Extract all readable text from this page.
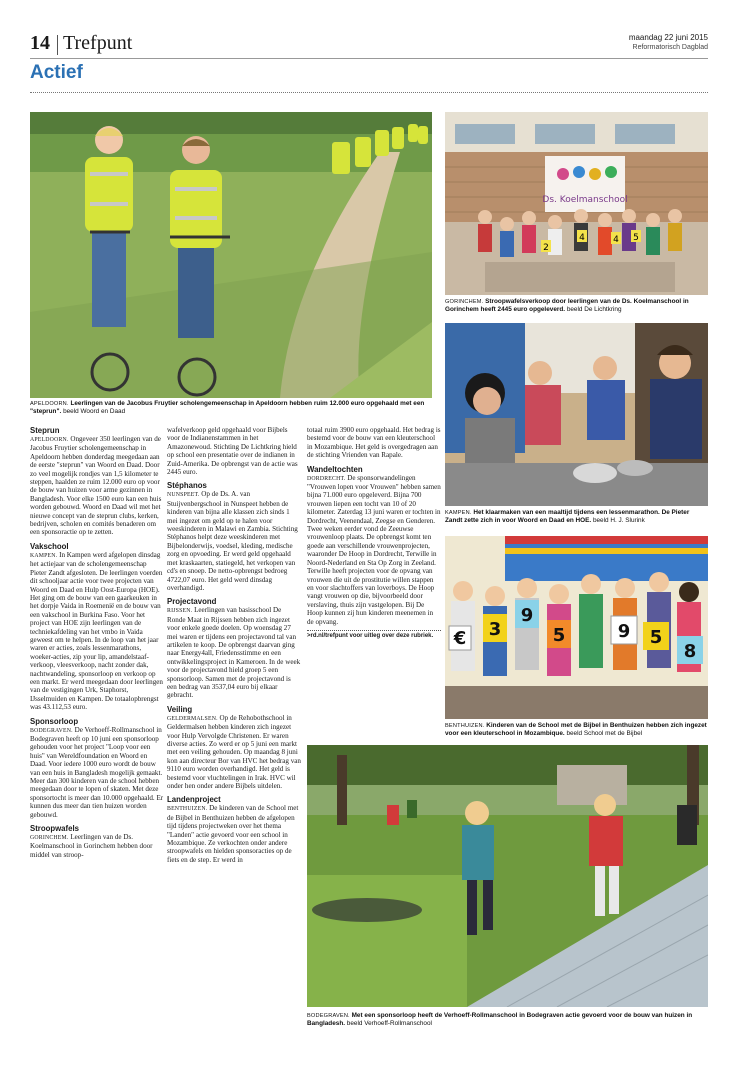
14 Trefpunt	maandag 22 juni 2015
Reformatorisch Dagblad
Actief
APELDOORN. Leerlingen van de Jacobus Fruytier scholengemeenschap in Apeldoorn hebben ruim 12.000 euro opgehaald met een "steprun". beeld Woord en Daad
Ds. Koelmanschool
2
4	4 5
GORINCHEM. Stroopwafelsverkoop door leerlingen van de Ds. Koelmanschool in Gorinchem heeft 2445 euro opgeleverd. beeld De Lichtkring
KAMPEN. Het klaarmaken van een maaltijd tijdens een lessenmarathon. De Pieter Zandt zette zich in voor Woord en Daad en HOE. beeld H. J. Slurink
€ 3
9
5	9 5
8
BENTHUIZEN. Kinderen van de School met de Bijbel in Benthuizen hebben zich ingezet voor een kleuterschool in Mozambique. beeld School met de Bijbel
BODEGRAVEN. Met een sponsorloop heeft de Verhoeff-Rollmanschool in Bodegraven actie gevoerd voor de bouw van huizen in Bangladesh. beeld Verhoeff-Rollmanschool
Steprun

APELDOORN. Ongeveer 350 leerlingen van de Jacobus Fruytier scholengemeenschap in Apeldoorn hebben donderdag meegedaan aan de eerste "steprun" van Woord en Daad. Door zo veel mogelijk rondjes van 1,5 kilometer te steppen, haalden ze ruim 12.000 euro op voor de bouw van huizen voor arme gezinnen in Bangladesh. Voor elke 1500 euro kan een huis worden gebouwd. Woord en Daad wil met het nieuwe concept van de steprun clubs, kerken, bedrijven, scholen en comités benaderen om een sponsoractie op te zetten.

Vakschool

KAMPEN. In Kampen werd afgelopen dinsdag het actiejaar van de scholengemeenschap Pieter Zandt afgesloten. De leerlingen voerden dit schooljaar actie voor twee projecten van Woord en Daad en Hulp Oost-Europa (HOE). Het ging om de bouw van een gaarkeuken in het dorpje Vaida in Roemenië en de bouw van een vakschool in Burkina Faso. Voor het project van HOE zijn leerlingen van de techniekafdeling van het vmbo in Vaida geweest om te helpen. In de loop van het jaar waren er acties, zoals lessenmarathons, woeker-acties, zip your lip, amandelstaaf-verkoop, vleesverkoop, nacht zonder dak, nachtwandeling, sponsorloop en verkoop op een markt. Er werd meegedaan door leerlingen van de vestigingen Urk, Staphorst, IJsselmuiden en Kampen. De totaalopbrengst was 43.112,53 euro.

Sponsorloop

BODEGRAVEN. De Verhoeff-Rollmanschool in Bodegraven heeft op 10 juni een sponsorloop gehouden voor het project "Loop voor een huis" van Wereldfoundation en Woord en Daad. Voor iedere 1000 euro wordt de bouw van een huis in Bangladesh mogelijk gemaakt. Meer dan 300 kinderen van de school hebben meegedaan door te lopen of skaten. Met deze sponsortocht is meer dan 10.000 opgehaald. Er kunnen dus meer dan tien huizen worden gebouwd.

Stroopwafels

GORINCHEM. Leerlingen van de Ds. Koelmanschool in Gorinchem hebben door middel van stroop-

wafelverkoop geld opgehaald voor Bijbels voor de Indianenstammen in het Amazonewoud. Stichting De Lichtkring hield op school een presentatie over de indianen in Zuid-Amerika. De opbrengst van de actie was 2445 euro.

Stéphanos

NUNSPEET. Op de Ds. A. van Stuijvenbergschool in Nunspeet hebben de kinderen van bijna alle klassen zich sinds 1 mei ingezet om geld op te halen voor weeskinderen in Malawi en Zambia. Stichting Stéphanos helpt deze weeskinderen met Bijbelonderwijs, voedsel, kleding, medische zorg en opvoeding. Er werd geld opgehaald met kraskaarten, statiegeld, het verkopen van cd's en snoep. De netto-opbrengst bedroeg 4722,07 euro. Het geld werd dinsdag overhandigd.

Projectavond

RIJSSEN. Leerlingen van basisschool De Ronde Maat in Rijssen hebben zich ingezet voor enkele goede doelen. Op woensdag 27 mei waren er tijdens een projectavond tal van artikelen te koop. De opbrengst daarvan ging naar Energy4all, Friedensstimme en een ontwikkelingsproject in Kameroen. In de week voor de projectavond hield groep 5 een sponsorloop. Samen met de projectavond is een bedrag van 3537,04 euro bij elkaar gebracht.

Veiling

GELDERMALSEN. Op de Rehobothschool in Geldermalsen hebben kinderen zich ingezet voor Hulp Vervolgde Christenen. Er waren diverse acties. Zo werd er op 5 juni een markt met een veiling gehouden. Op maandag 8 juni kon aan directeur Bor van HVC het bedrag van 9110 euro worden overhandigd. Het geld is bestemd voor vluchtelingen in Irak. HVC wil onder hen onder andere Bijbels uitdelen.

Landenproject

BENTHUIZEN. De kinderen van de School met de Bijbel in Benthuizen hebben de afgelopen tijd tijdens projectweken over het thema "Landen" actie gevoerd voor een school in Mozambique. Ze verkochten onder andere stroopwafels en hielden sponsoracties op de fiets en de step. Er werd in

totaal ruim 3900 euro opgehaald. Het bedrag is bestemd voor de bouw van een kleuterschool in Mozambique. Het geld is overgedragen aan de stichting Vrienden van Rapale.

Wandeltochten

DORDRECHT. De sponsorwandelingen "Vrouwen lopen voor Vrouwen" hebben samen bijna 71.000 euro opgeleverd. Bijna 700 vrouwen liepen een tocht van 10 of 20 kilometer. Zaterdag 13 juni waren er tochten in Dordrecht, Veenendaal, Zeegse en Genderen. Twee weken eerder vond de Zeeuwse vrouwenloop plaats. De opbrengst komt ten goede aan verschillende vrouwenprojecten, waaronder De Hoop in Dordrecht, Terwille in Noord-Nederland en Sta Op Zorg in Zeeland. Terwille heeft projecten voor de opvang van vrouwen die uit de prostitutie willen stappen en voor slachtoffers van loverboys. De Hoop vangt vrouwen op die, bijvoorbeeld door verslaving, thuis zijn vastgelopen. Bij De Hoop kunnen zij hun kinderen meenemen in de opvang.

>rd.nl/trefpunt voor uitleg over deze rubriek.
